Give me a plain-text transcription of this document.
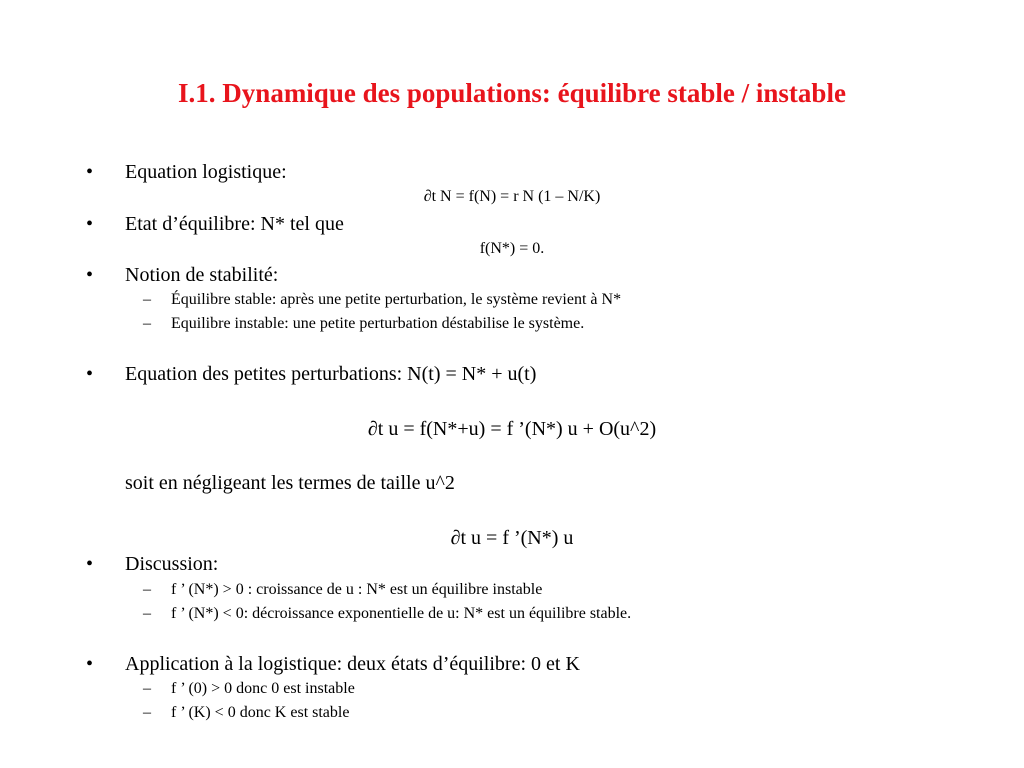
I.1. Dynamique des populations: équilibre stable / instable
• Equation logistique:
∂t N = f(N) = r N (1 – N/K)
• Etat d’équilibre: N* tel que
f(N*) = 0.
• Notion de stabilité:
– Équilibre stable: après une petite perturbation, le système revient à N*
– Equilibre instable: une petite perturbation déstabilise le système.
• Equation des petites perturbations: N(t) = N* + u(t)
∂t u = f(N*+u) = f ’(N*) u + O(u^2)
soit en négligeant les termes de taille u^2
∂t u = f ’(N*) u
• Discussion:
– f ’ (N*) > 0 : croissance de u : N* est un équilibre instable
– f ’ (N*) < 0: décroissance exponentielle de u: N* est un équilibre stable.
• Application à la logistique: deux états d’équilibre: 0 et K
– f ’ (0) > 0 donc 0 est instable
– f ’ (K) < 0 donc K est stable
